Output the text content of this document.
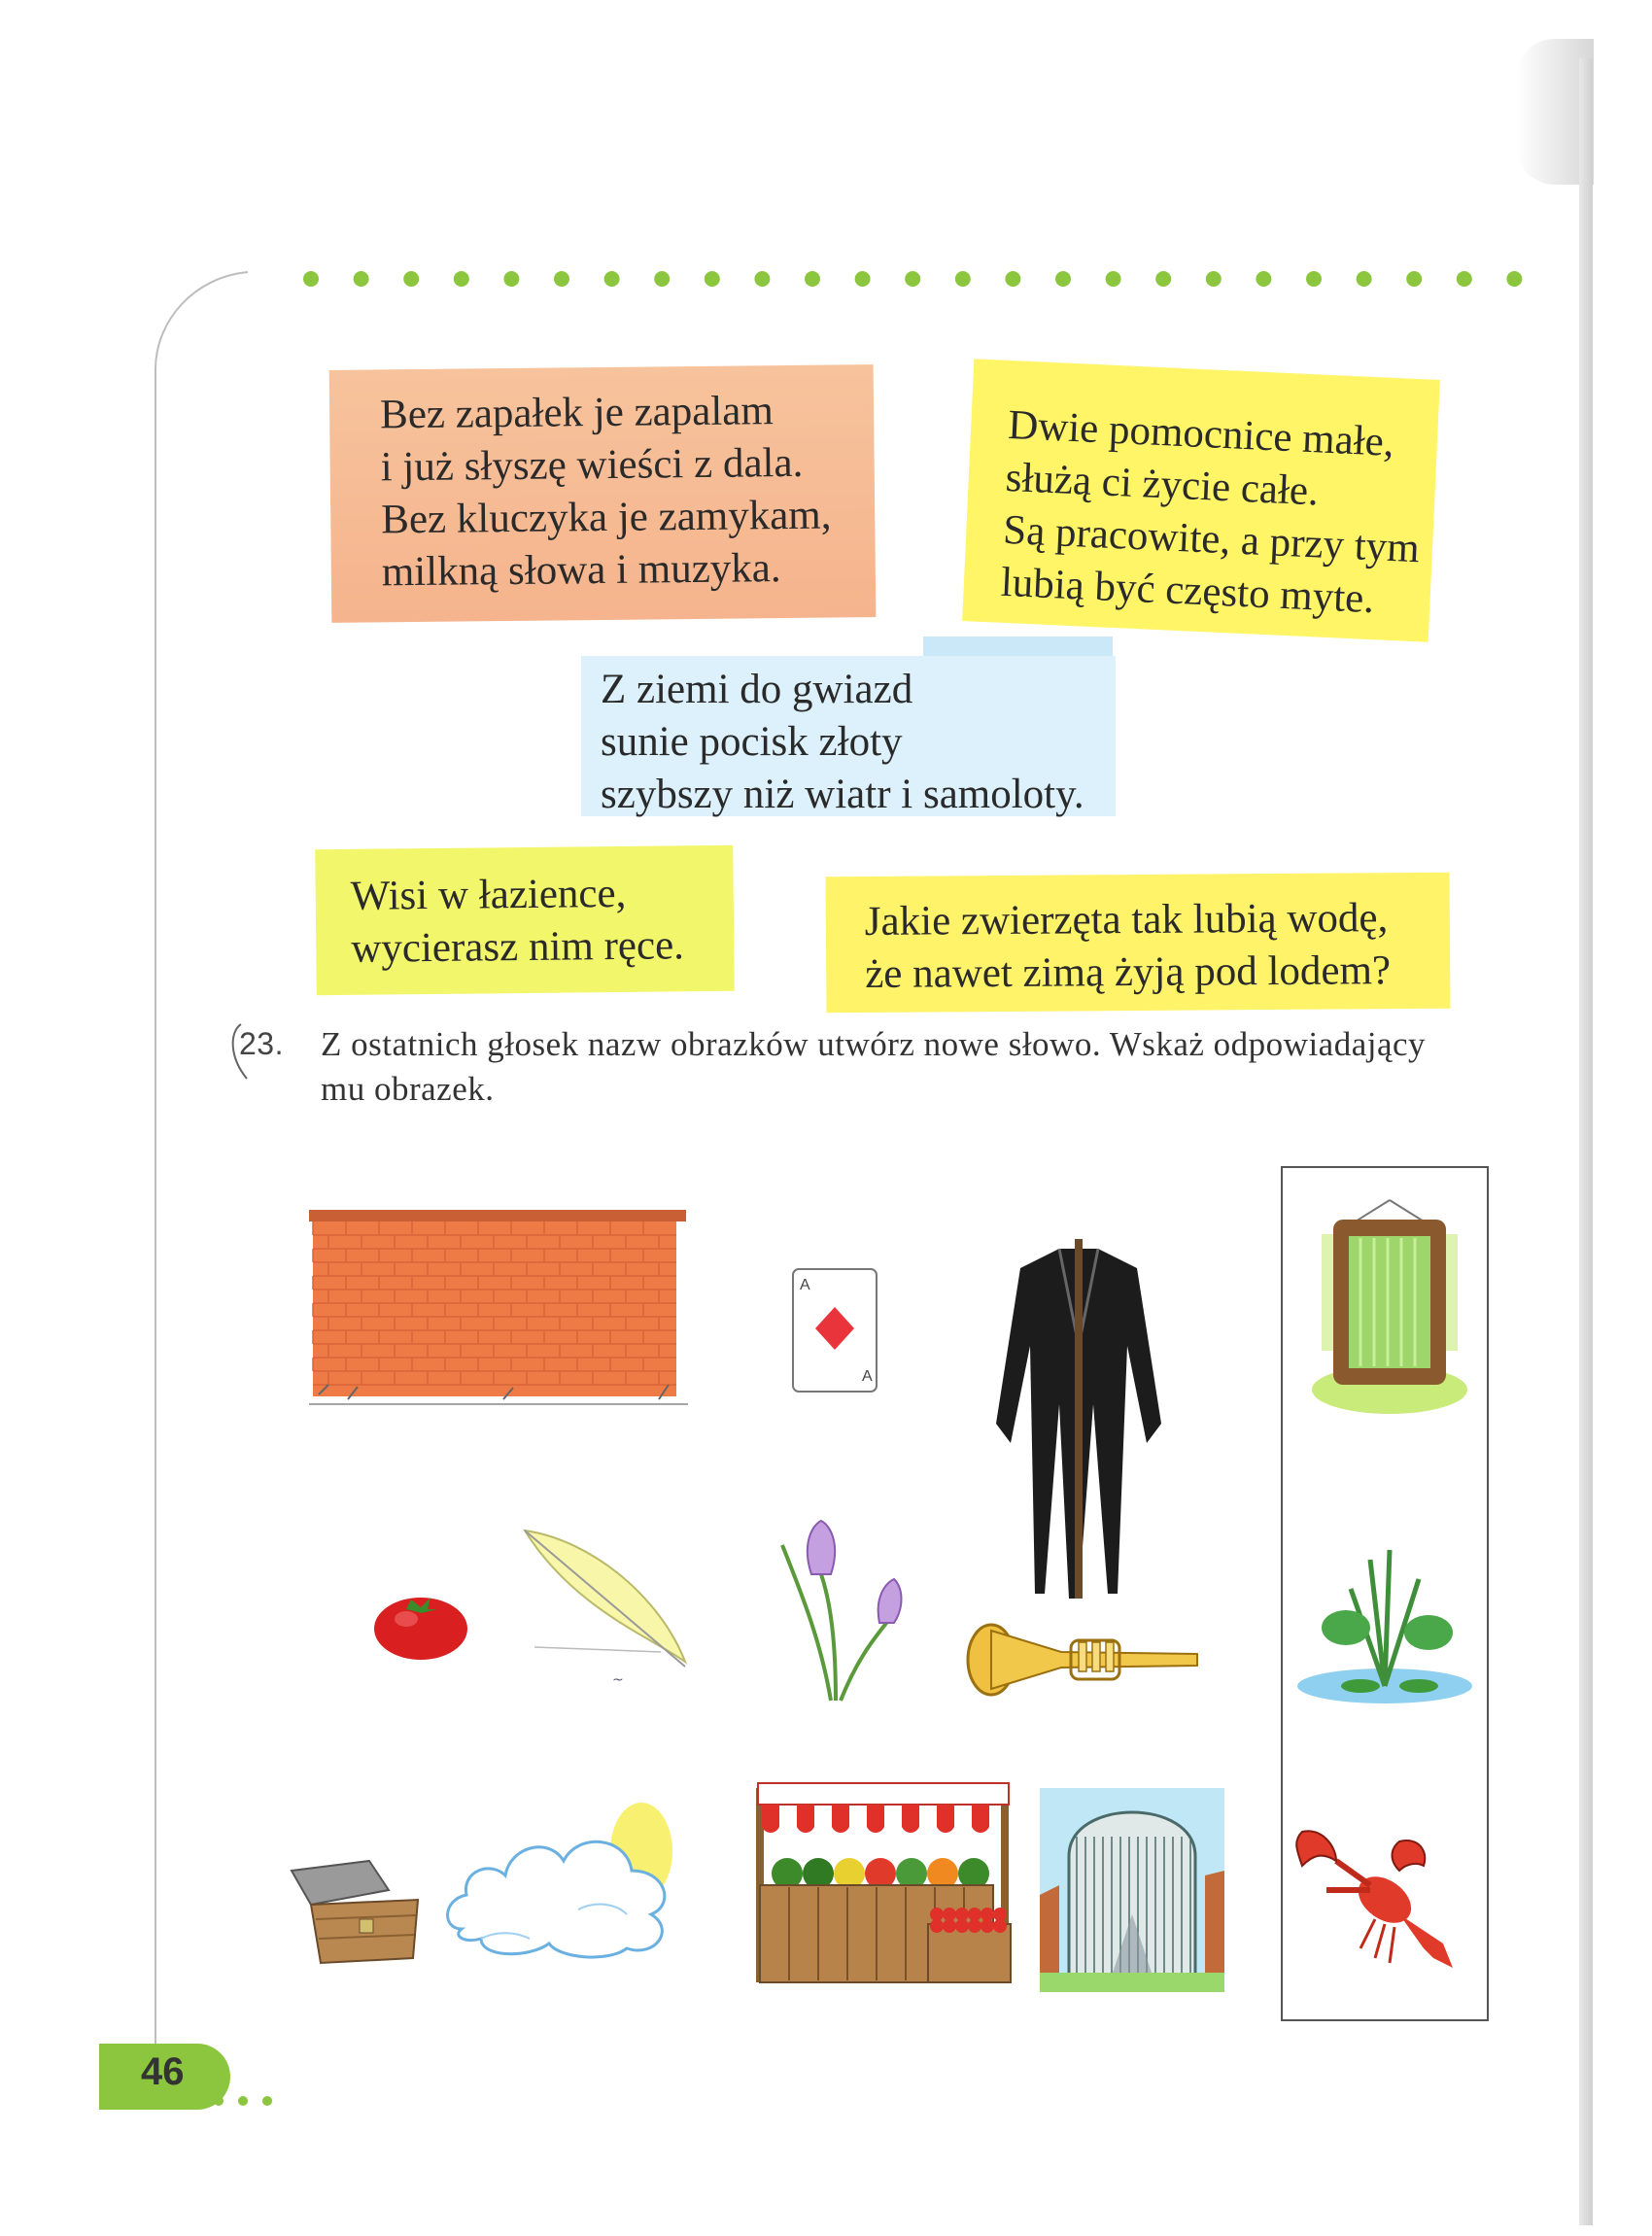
Bez zapałek je zapalam
i już słyszę wieści z dala.
Bez kluczyka je zamykam,
milkną słowa i muzyka.
Dwie pomocnice małe,
służą ci życie całe.
Są pracowite, a przy tym
lubią być często myte.
Z ziemi do gwiazd
sunie pocisk złoty
szybszy niż wiatr i samoloty.
Wisi w łazience,
wycierasz nim ręce.
Jakie zwierzęta tak lubią wodę,
że nawet zimą żyją pod lodem?
23. Z ostatnich głosek nazw obrazków utwórz nowe słowo. Wskaż odpowiadający
mu obrazek.
A
A
~
46
